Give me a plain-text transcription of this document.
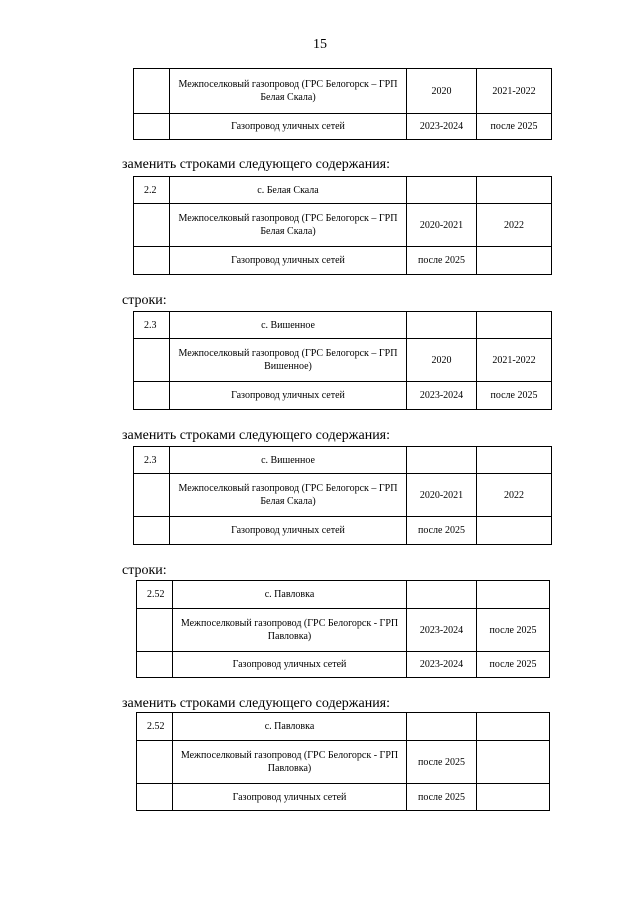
15
	Межпоселковый газопровод (ГРС Белогорск – ГРП Белая Скала)	2020	2021-2022
	Газопровод уличных сетей	2023-2024	после 2025
заменить строками следующего содержания:
2.2	с. Белая Скала		
	Межпоселковый газопровод (ГРС Белогорск – ГРП Белая Скала)	2020-2021	2022
	Газопровод уличных сетей	после 2025	
строки:
2.3	с. Вишенное		
	Межпоселковый газопровод (ГРС Белогорск – ГРП Вишенное)	2020	2021-2022
	Газопровод уличных сетей	2023-2024	после 2025
заменить строками следующего содержания:
2.3	с. Вишенное		
	Межпоселковый газопровод (ГРС Белогорск – ГРП Белая Скала)	2020-2021	2022
	Газопровод уличных сетей	после 2025	
строки:
2.52	с. Павловка		
	Межпоселковый газопровод (ГРС Белогорск - ГРП Павловка)	2023-2024	после 2025
	Газопровод уличных сетей	2023-2024	после 2025
заменить строками следующего содержания:
2.52	с. Павловка		
	Межпоселковый газопровод (ГРС Белогорск - ГРП Павловка)	после 2025	
	Газопровод уличных сетей	после 2025	
